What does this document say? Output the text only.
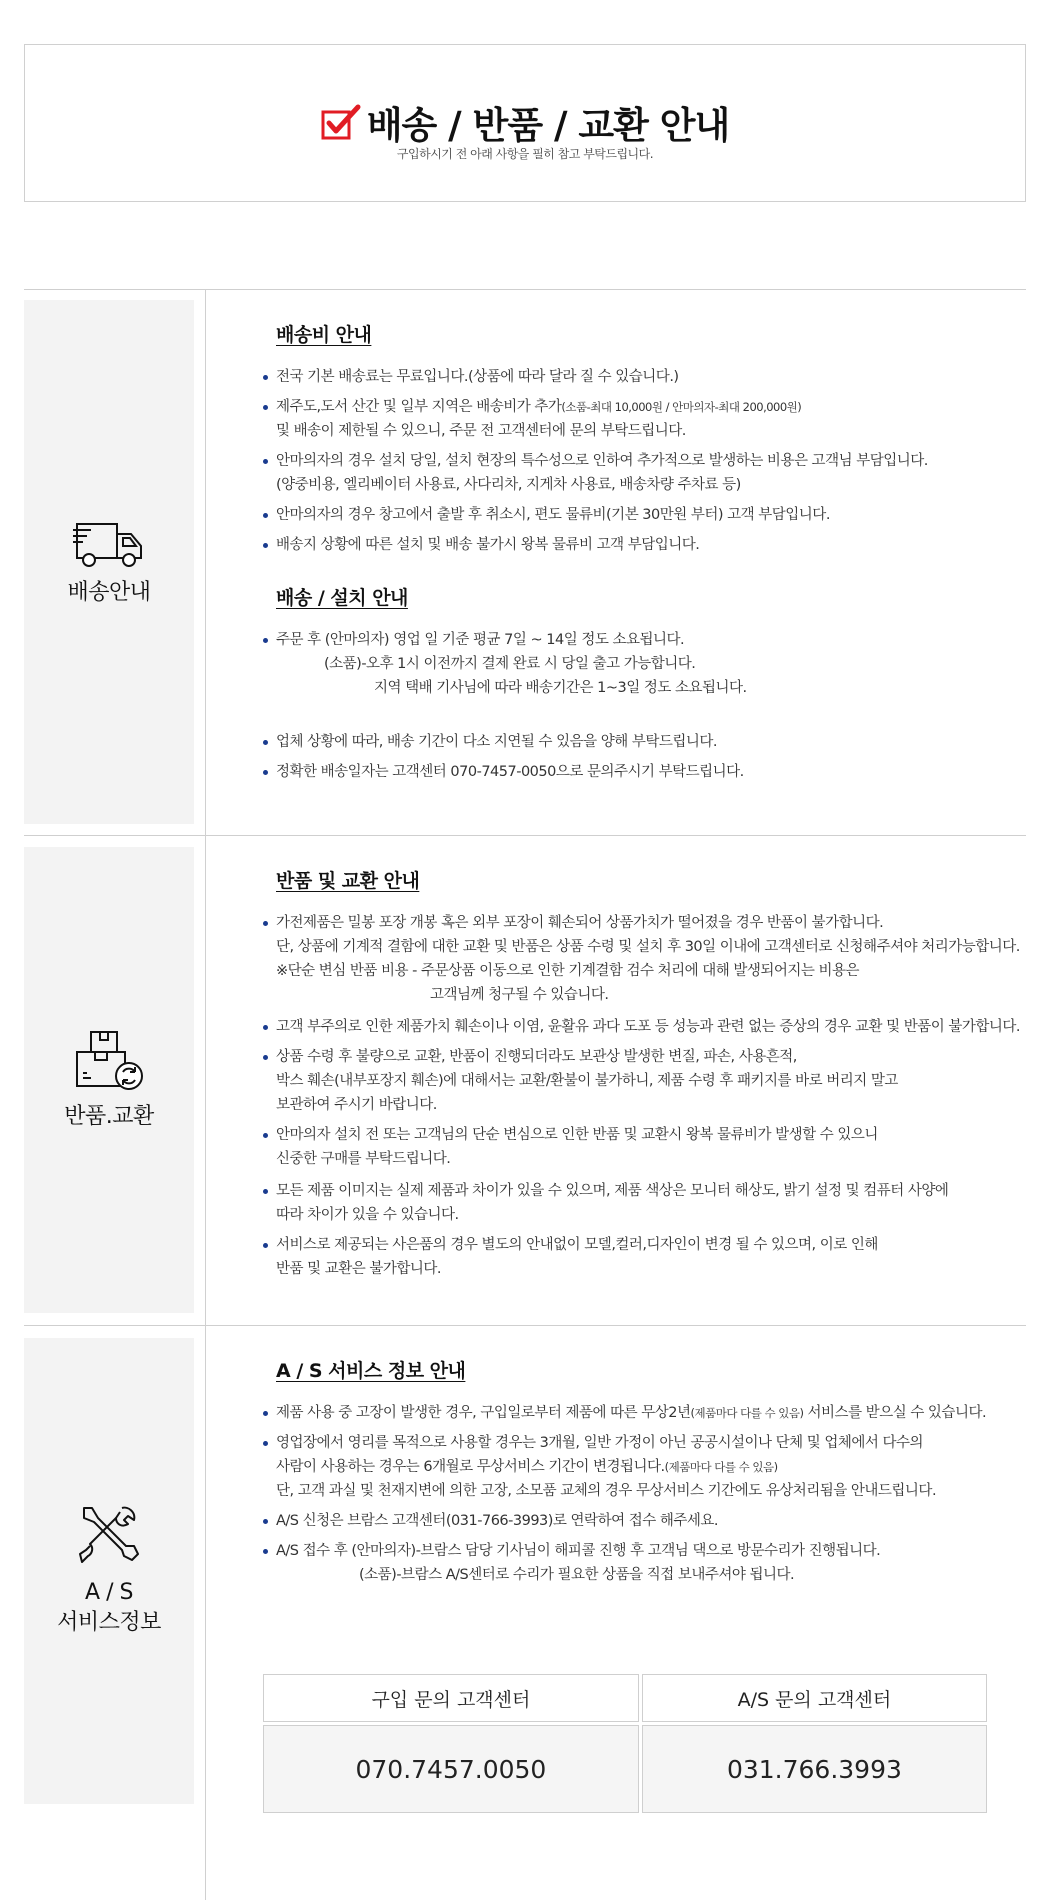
배송 / 반품 / 교환 안내
구입하시기 전 아래 사항을 필히 참고 부탁드립니다.
배송안내
배송비 안내
전국 기본 배송료는 무료입니다.(상품에 따라 달라 질 수 있습니다.)
제주도,도서 산간 및 일부 지역은 배송비가 추가(소품-최대 10,000원 / 안마의자-최대 200,000원)
및 배송이 제한될 수 있으니, 주문 전 고객센터에 문의 부탁드립니다.
안마의자의 경우 설치 당일, 설치 현장의 특수성으로 인하여 추가적으로 발생하는 비용은 고객님 부담입니다.
(양중비용, 엘리베이터 사용료, 사다리차, 지게차 사용료, 배송차량 주차료 등)
안마의자의 경우 창고에서 출발 후 취소시, 편도 물류비(기본 30만원 부터) 고객 부담입니다.
배송지 상황에 따른 설치 및 배송 불가시 왕복 물류비 고객 부담입니다.
배송 / 설치 안내
주문 후 (안마의자) 영업 일 기준 평균 7일 ~ 14일 정도 소요됩니다.
(소품)-오후 1시 이전까지 결제 완료 시 당일 출고 가능합니다.
지역 택배 기사님에 따라 배송기간은 1~3일 정도 소요됩니다.
업체 상황에 따라, 배송 기간이 다소 지연될 수 있음을 양해 부탁드립니다.
정확한 배송일자는 고객센터 070-7457-0050으로 문의주시기 부탁드립니다.
반품.교환
반품 및 교환 안내
가전제품은 밀봉 포장 개봉 혹은 외부 포장이 훼손되어 상품가치가 떨어졌을 경우 반품이 불가합니다.
단, 상품에 기계적 결함에 대한 교환 및 반품은 상품 수령 및 설치 후 30일 이내에 고객센터로 신청해주셔야 처리가능합니다.
※단순 변심 반품 비용 - 주문상품 이동으로 인한 기계결함 검수 처리에 대해 발생되어지는 비용은
고객님께 청구될 수 있습니다.
고객 부주의로 인한 제품가치 훼손이나 이염, 윤활유 과다 도포 등 성능과 관련 없는 증상의 경우 교환 및 반품이 불가합니다.
상품 수령 후 불량으로 교환, 반품이 진행되더라도 보관상 발생한 변질, 파손, 사용흔적,
박스 훼손(내부포장지 훼손)에 대해서는 교환/환불이 불가하니, 제품 수령 후 패키지를 바로 버리지 말고
보관하여 주시기 바랍니다.
안마의자 설치 전 또는 고객님의 단순 변심으로 인한 반품 및 교환시 왕복 물류비가 발생할 수 있으니
신중한 구매를 부탁드립니다.
모든 제품 이미지는 실제 제품과 차이가 있을 수 있으며, 제품 색상은 모니터 해상도, 밝기 설정 및 컴퓨터 사양에
따라 차이가 있을 수 있습니다.
서비스로 제공되는 사은품의 경우 별도의 안내없이 모델,컬러,디자인이 변경 될 수 있으며, 이로 인해
반품 및 교환은 불가합니다.
A / S
서비스정보
A / S 서비스 정보 안내
제품 사용 중 고장이 발생한 경우, 구입일로부터 제품에 따른 무상2년(제품마다 다를 수 있음) 서비스를 받으실 수 있습니다.
영업장에서 영리를 목적으로 사용할 경우는 3개월, 일반 가정이 아닌 공공시설이나 단체 및 업체에서 다수의
사람이 사용하는 경우는 6개월로 무상서비스 기간이 변경됩니다.(제품마다 다를 수 있음)
단, 고객 과실 및 천재지변에 의한 고장, 소모품 교체의 경우 무상서비스 기간에도 유상처리됨을 안내드립니다.
A/S 신청은 브람스 고객센터(031-766-3993)로 연락하여 접수 해주세요.
A/S 접수 후 (안마의자)-브람스 담당 기사님이 해피콜 진행 후 고객님 댁으로 방문수리가 진행됩니다.
(소품)-브람스 A/S센터로 수리가 필요한 상품을 직접 보내주셔야 됩니다.
구입 문의 고객센터	A/S 문의 고객센터
070.7457.0050	031.766.3993
